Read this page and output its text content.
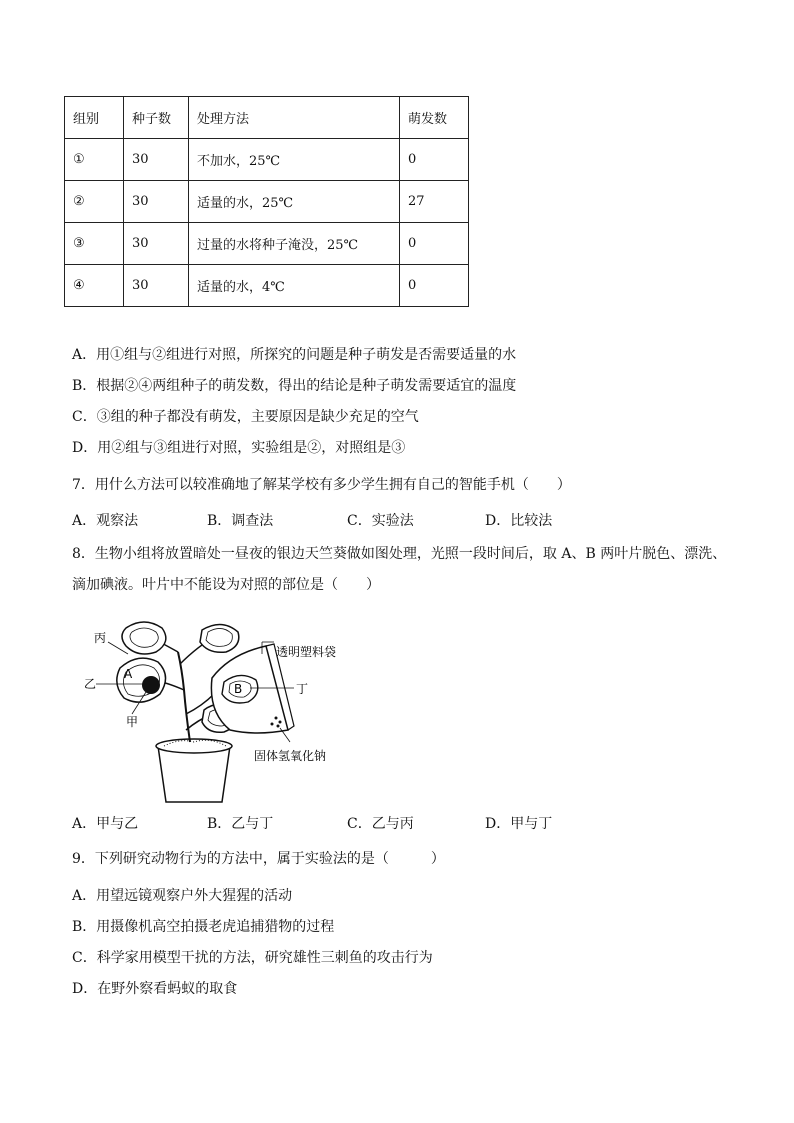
组别	种子数	处理方法	萌发数
①	30	不加水，25℃	0
②	30	适量的水，25℃	27
③	30	过量的水将种子淹没，25℃	0
④	30	适量的水，4℃	0
A．用①组与②组进行对照，所探究的问题是种子萌发是否需要适量的水
B．根据②④两组种子的萌发数，得出的结论是种子萌发需要适宜的温度
C．③组的种子都没有萌发，主要原因是缺少充足的空气
D．用②组与③组进行对照，实验组是②，对照组是③
7．用什么方法可以较准确地了解某学校有多少学生拥有自己的智能手机（　　）
A．观察法	B．调查法	C．实验法	D．比较法
8．生物小组将放置暗处一昼夜的银边天竺葵做如图处理，光照一段时间后，取 A、B 两叶片脱色、漂洗、
滴加碘液。叶片中不能设为对照的部位是（　　）
丙
乙
A
甲
B	丁
透明塑料袋
固体氢氧化钠
A．甲与乙	B．乙与丁	C．乙与丙	D．甲与丁
9．下列研究动物行为的方法中，属于实验法的是（　　　）
A．用望远镜观察户外大猩猩的活动
B．用摄像机高空拍摄老虎追捕猎物的过程
C．科学家用模型干扰的方法，研究雄性三刺鱼的攻击行为
D．在野外察看蚂蚁的取食
